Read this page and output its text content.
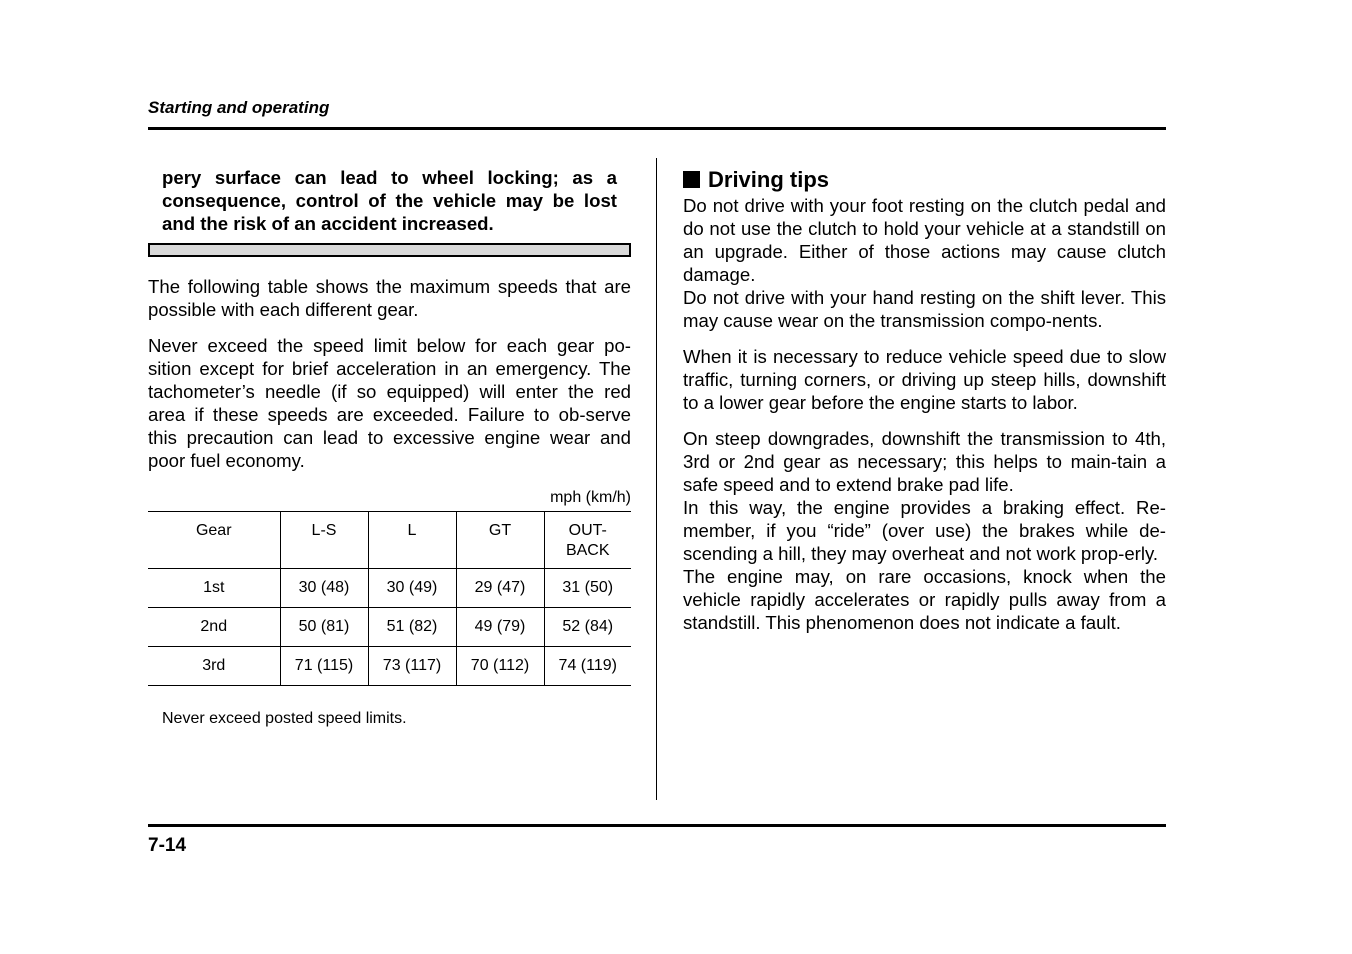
Starting and operating
pery surface can lead to wheel locking; as a consequence, control of the vehicle may be lost and the risk of an accident increased.

The following table shows the maximum speeds that are possible with each different gear.

Never exceed the speed limit below for each gear po-sition except for brief acceleration in an emergency. The tachometer’s needle (if so equipped) will enter the red area if these speeds are exceeded. Failure to ob-serve this precaution can lead to excessive engine wear and poor fuel economy.

mph (km/h)
Gear	L-S	L	GT	OUT-
BACK
1st	30 (48)	30 (49)	29 (47)	31 (50)
2nd	50 (81)	51 (82)	49 (79)	52 (84)
3rd	71 (115)	73 (117)	70 (112)	74 (119)
Never exceed posted speed limits.
Driving tips

Do not drive with your foot resting on the clutch pedal and do not use the clutch to hold your vehicle at a standstill on an upgrade. Either of those actions may cause clutch damage.

Do not drive with your hand resting on the shift lever. This may cause wear on the transmission compo-nents.

When it is necessary to reduce vehicle speed due to slow traffic, turning corners, or driving up steep hills, downshift to a lower gear before the engine starts to labor.

On steep downgrades, downshift the transmission to 4th, 3rd or 2nd gear as necessary; this helps to main-tain a safe speed and to extend brake pad life.

In this way, the engine provides a braking effect. Re-member, if you “ride” (over use) the brakes while de-scending a hill, they may overheat and not work prop-erly.

The engine may, on rare occasions, knock when the vehicle rapidly accelerates or rapidly pulls away from a standstill. This phenomenon does not indicate a fault.

7-14
